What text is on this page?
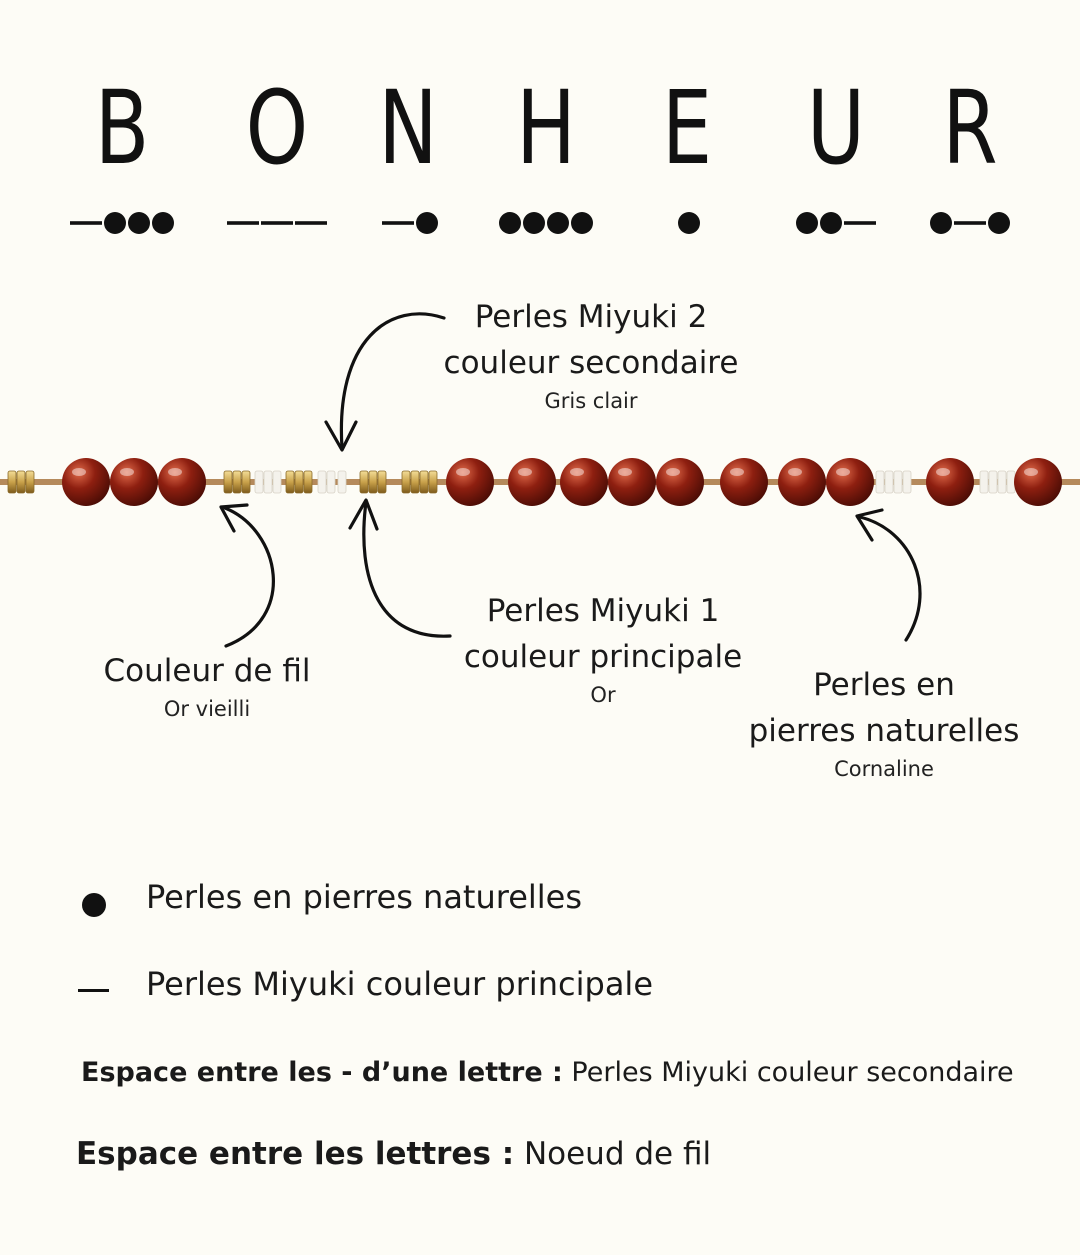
B O N H E U R
Perles Miyuki 2
couleur secondaire
Gris clair
Couleur de fil
Or vieilli
Perles Miyuki 1
couleur principale
Or	Perles en
pierres naturelles
Cornaline
Perles en pierres naturelles
Perles Miyuki couleur principale
Espace entre les - d’une lettre : Perles Miyuki couleur secondaire
Espace entre les lettres : Noeud de fil
